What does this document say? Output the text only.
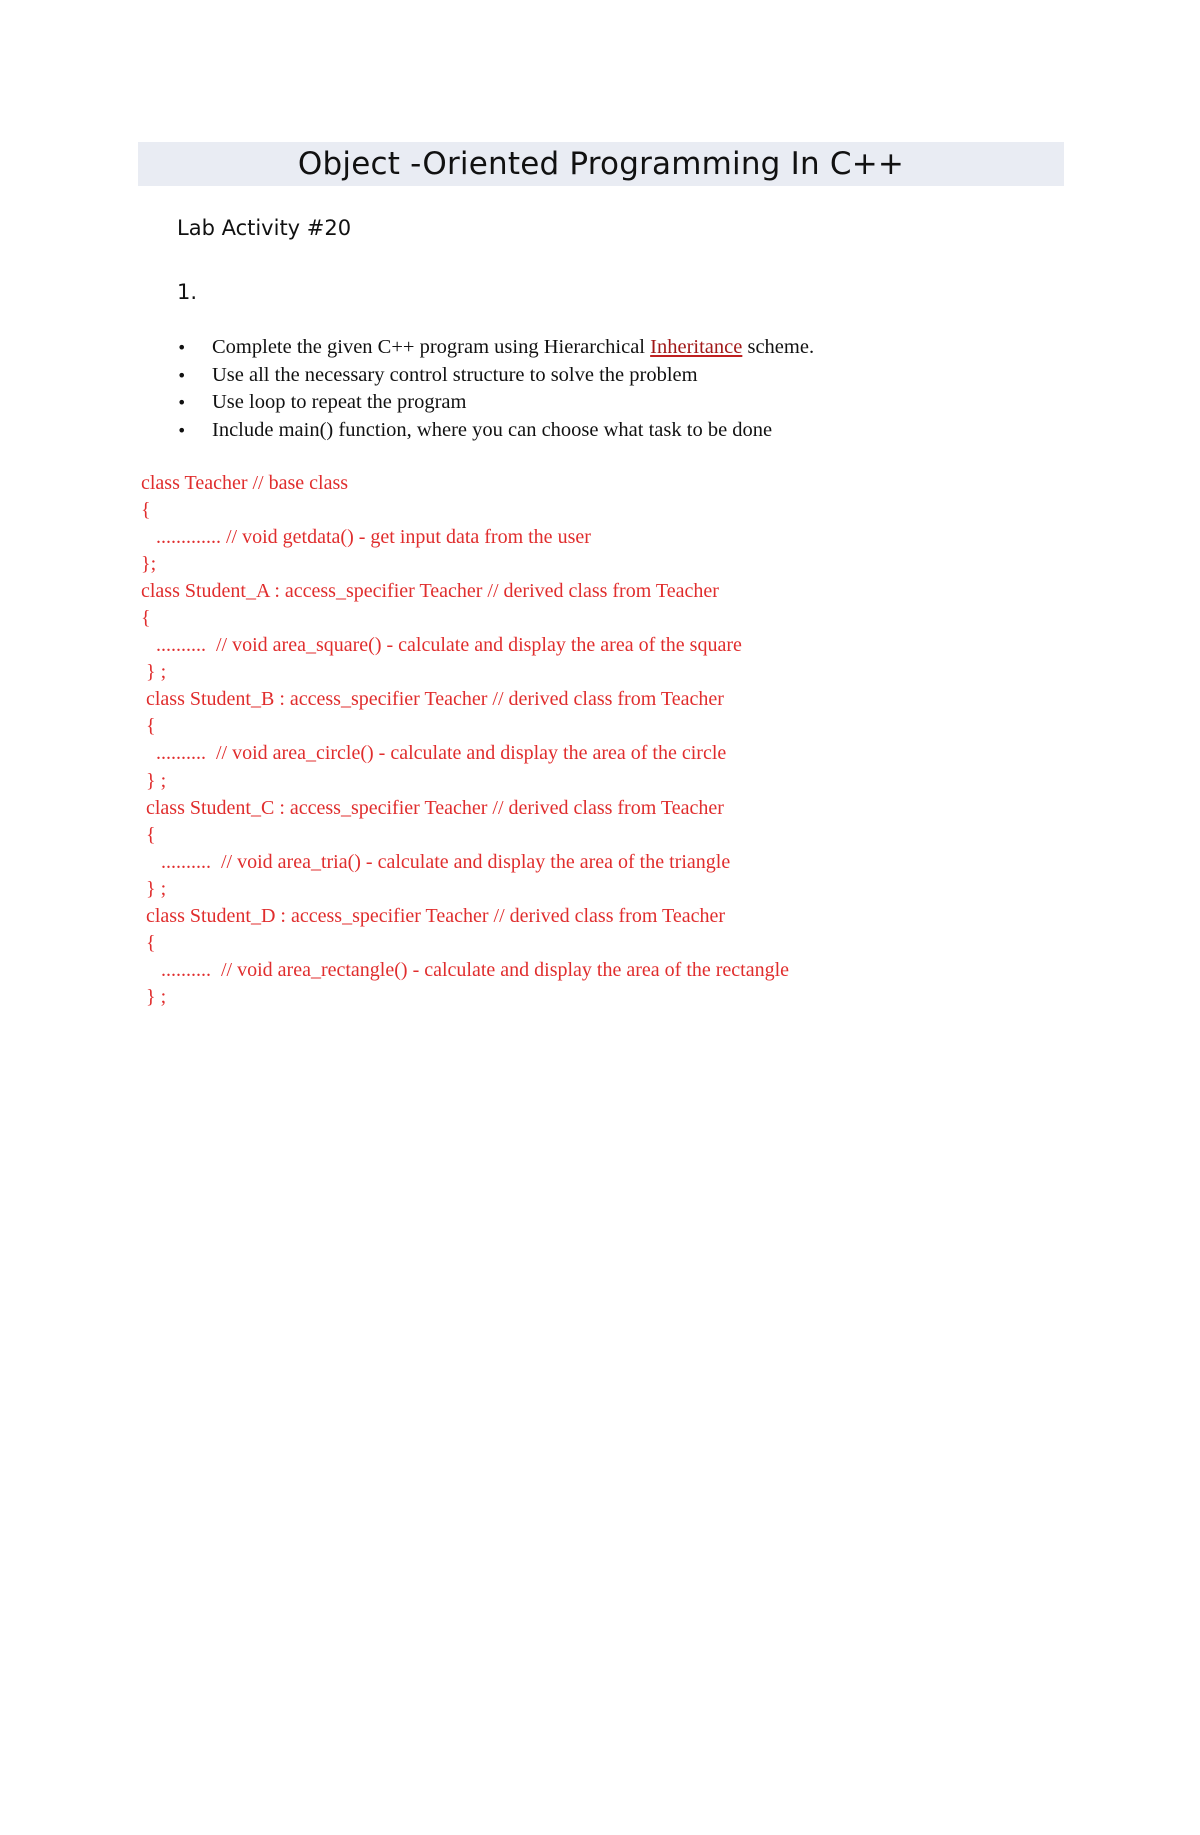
Object -Oriented Programming In C++
Lab Activity #20
1.
•	Complete the given C++ program using Hierarchical Inheritance scheme.
•	Use all the necessary control structure to solve the problem
•	Use loop to repeat the program
•	Include main() function, where you can choose what task to be done
class Teacher // base class
{
............. // void getdata() - get input data from the user
};
class Student_A : access_specifier Teacher // derived class from Teacher
{
..........  // void area_square() - calculate and display the area of the square
} ;
class Student_B : access_specifier Teacher // derived class from Teacher
{
..........  // void area_circle() - calculate and display the area of the circle
} ;
class Student_C : access_specifier Teacher // derived class from Teacher
{
..........  // void area_tria() - calculate and display the area of the triangle
} ;
class Student_D : access_specifier Teacher // derived class from Teacher
{
..........  // void area_rectangle() - calculate and display the area of the rectangle
} ;
